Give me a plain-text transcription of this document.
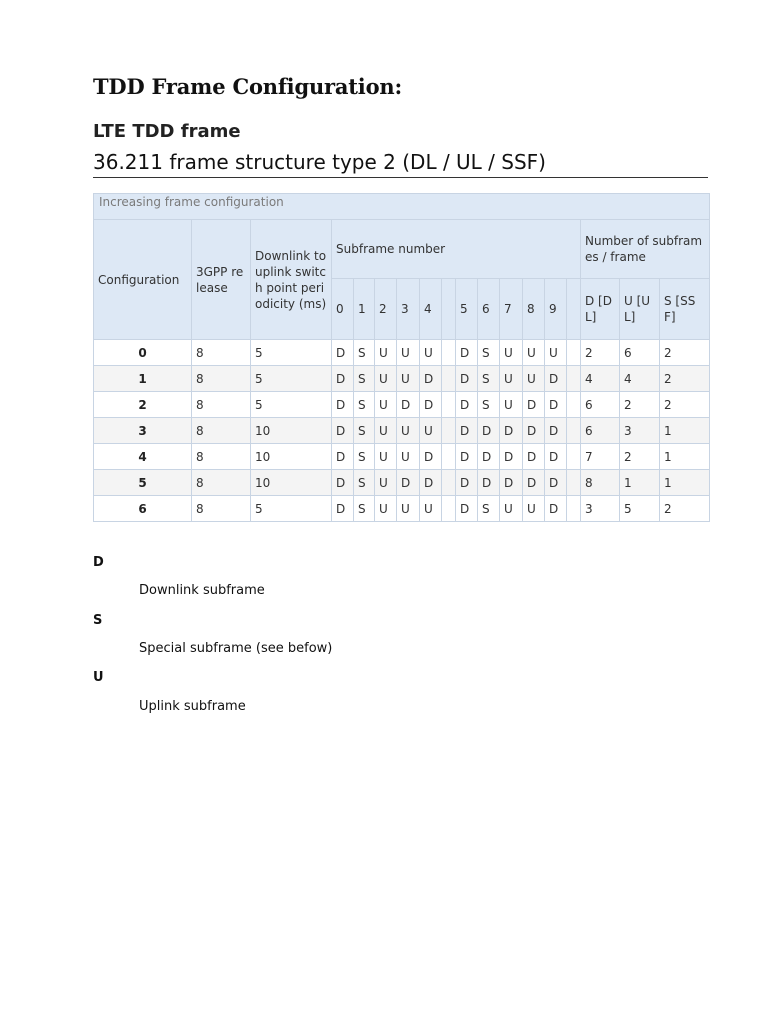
TDD Frame Configuration:
LTE TDD frame
36.211 frame structure type 2 (DL / UL / SSF)
Increasing frame configuration																	
Configuration	3GPP release	Downlink to uplink switch point periodicity (ms)	Subframe number												Number of subframes / frame		
			0	1	2	3	4		5	6	7	8	9		D [DL]	U [UL]	S [SSF]
0	8	5	D	S	U	U	U		D	S	U	U	U		2	6	2
1	8	5	D	S	U	U	D		D	S	U	U	D		4	4	2
2	8	5	D	S	U	D	D		D	S	U	D	D		6	2	2
3	8	10	D	S	U	U	U		D	D	D	D	D		6	3	1
4	8	10	D	S	U	U	D		D	D	D	D	D		7	2	1
5	8	10	D	S	U	D	D		D	D	D	D	D		8	1	1
6	8	5	D	S	U	U	U		D	S	U	U	D		3	5	2
D
Downlink subframe
S
Special subframe (see befow)
U
Uplink subframe
